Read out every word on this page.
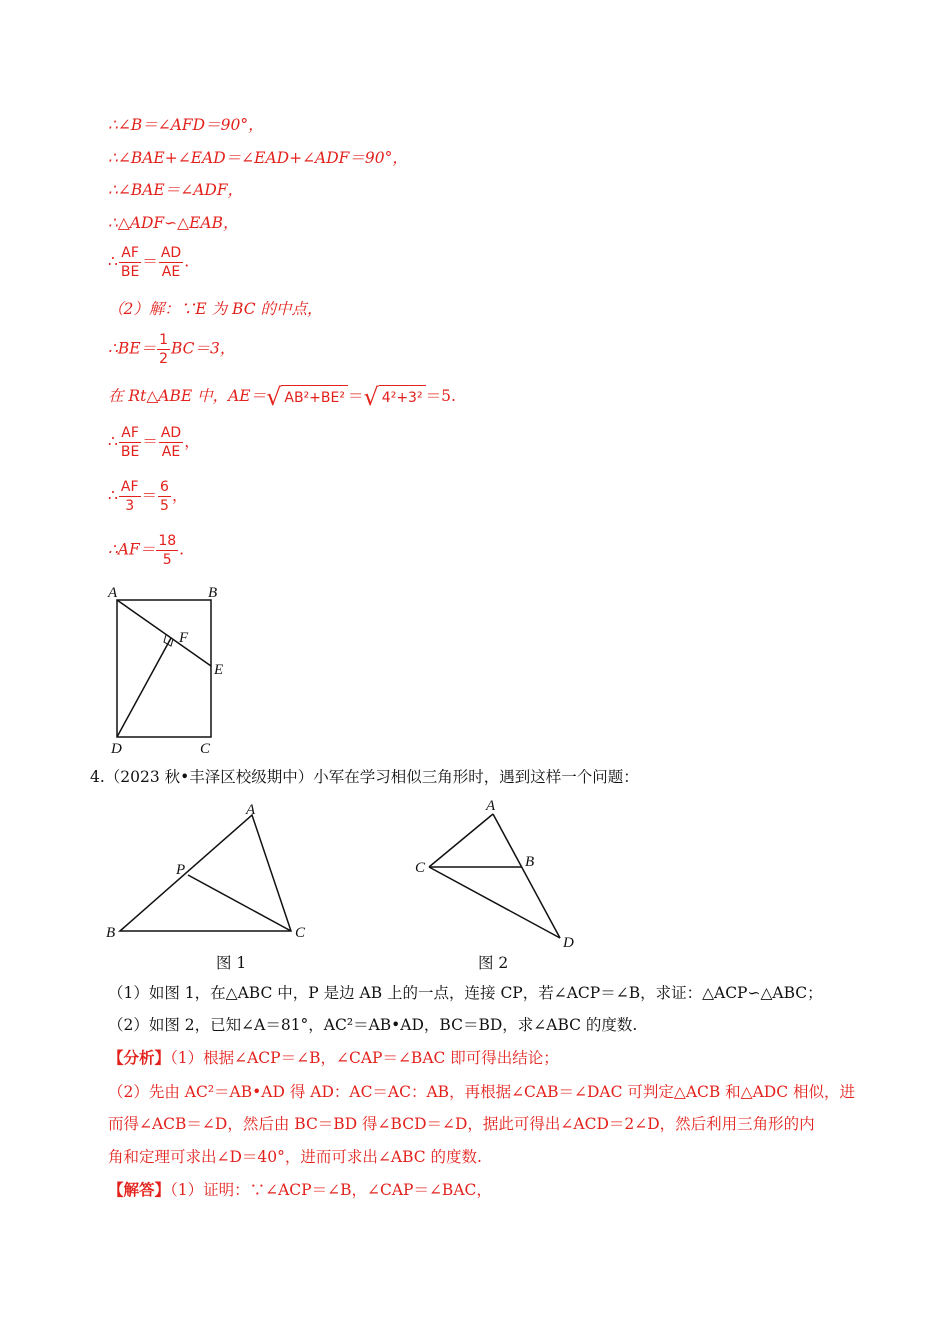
∴∠B＝∠AFD＝90°，
∴∠BAE+∠EAD＝∠EAD+∠ADF＝90°，
∴∠BAE＝∠ADF，
∴△ADF∽△EAB，
∴ $\frac{AF}{BE} = \frac{AD}{AE}$ .
（2）解：∵E 为 BC 的中点，
∴BE＝ $\frac{1}{2} BC=3$，
在 Rt△ABE 中，AE＝√ AB²+BE² ＝√ 4²+3² ＝5.
∴ $\frac{AF}{BE} = \frac{AD}{AE}$ ，
∴ $\frac{AF}{3} = \frac{6}{5}$ ，
∴AF＝ $\frac{18}{5}$ .
A	B
F
E
D	C
4.（2023 秋•丰泽区校级期中）小军在学习相似三角形时，遇到这样一个问题：
A
B	C
P
图 1
A
B
C
D
图 2
（1）如图 1，在△ABC 中，P 是边 AB 上的一点，连接 CP，若∠ACP＝∠B，求证：△ACP∽△ABC；
（2）如图 2，已知∠A＝81°，AC²＝AB•AD，BC＝BD，求∠ABC 的度数.
【分析】（1）根据∠ACP＝∠B，∠CAP＝∠BAC 即可得出结论；
（2）先由 AC²＝AB•AD 得 AD：AC＝AC：AB，再根据∠CAB＝∠DAC 可判定△ACB 和△ADC 相似，进
而得∠ACB＝∠D，然后由 BC＝BD 得∠BCD＝∠D，据此可得出∠ACD＝2∠D，然后利用三角形的内
角和定理可求出∠D＝40°，进而可求出∠ABC 的度数.
【解答】（1）证明：∵∠ACP＝∠B，∠CAP＝∠BAC，
